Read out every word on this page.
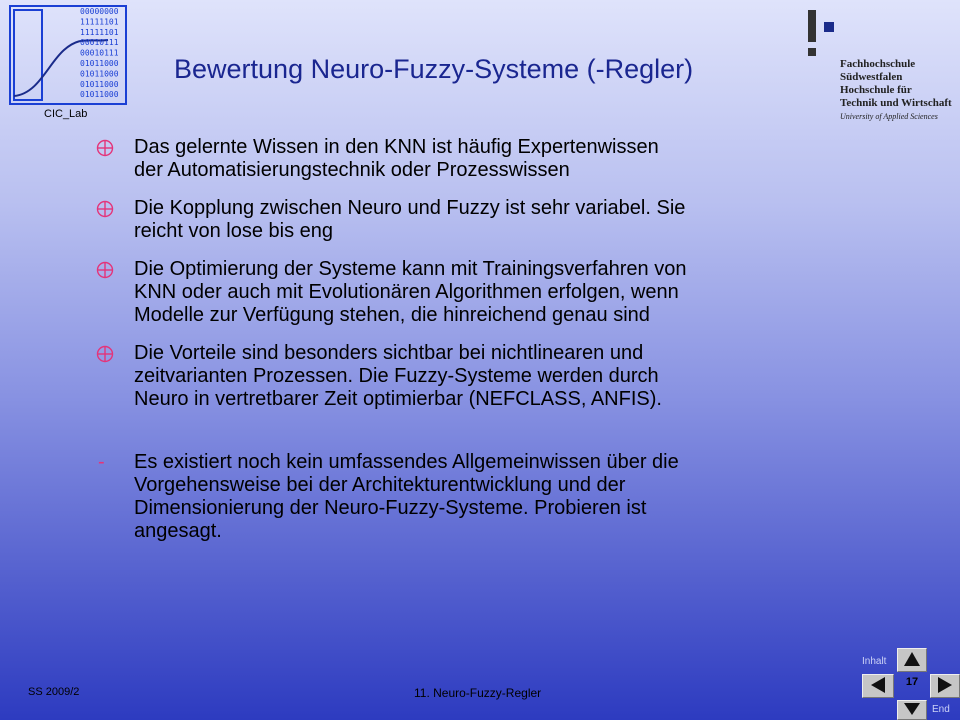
00000000
11111101
11111101
00010111
00010111
01011000
01011000
01011000
01011000
CIC_Lab
Fachhochschule
Südwestfalen
Hochschule für
Technik und Wirtschaft
University of Applied Sciences
Bewertung Neuro-Fuzzy-Systeme (-Regler)
Das gelernte Wissen in den KNN ist häufig Expertenwissen
der Automatisierungstechnik oder Prozesswissen
Die Kopplung zwischen Neuro und Fuzzy ist sehr variabel. Sie
reicht von lose bis eng
Die Optimierung der Systeme kann mit Trainingsverfahren von
KNN oder auch mit Evolutionären Algorithmen erfolgen, wenn
Modelle zur Verfügung stehen, die hinreichend genau sind
Die Vorteile sind besonders sichtbar bei nichtlinearen und
zeitvarianten Prozessen. Die Fuzzy-Systeme werden durch
Neuro in vertretbarer Zeit optimierbar (NEFCLASS, ANFIS).
- Es existiert noch kein umfassendes Allgemeinwissen über die
Vorgehensweise bei der Architekturentwicklung und der
Dimensionierung der Neuro-Fuzzy-Systeme. Probieren ist
angesagt.
SS 2009/2	11. Neuro-Fuzzy-Regler
Inhalt
17
End
